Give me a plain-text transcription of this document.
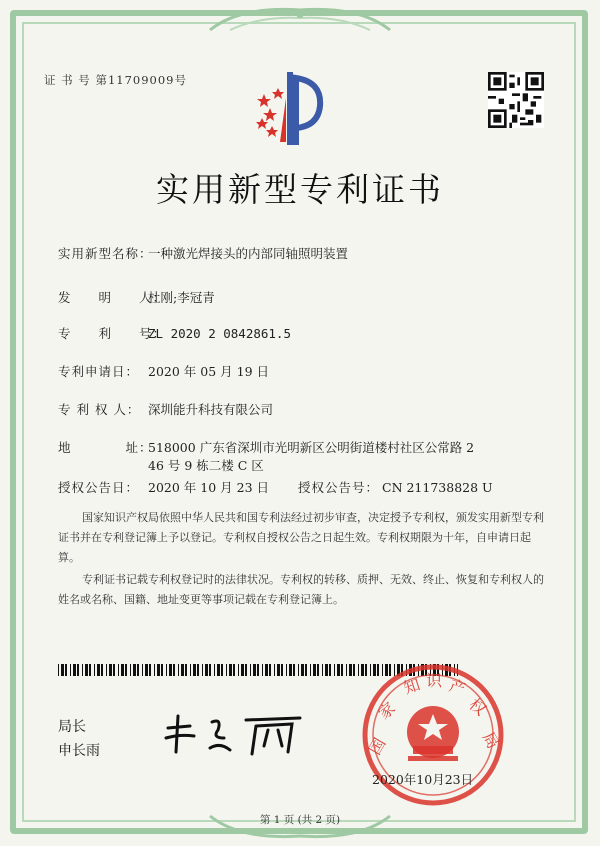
证 书 号 第11709009号
实用新型专利证书
实用新型名称：一种激光焊接头的内部同轴照明装置
发　　明　　人：杜刚;李冠青
专　　利　　号：ZL 2020 2 0842861.5
专利申请日： 2020 年 05 月 19 日
专 利 权 人： 深圳能升科技有限公司
地　　　　址：518000 广东省深圳市光明新区公明街道楼村社区公常路 2
46 号 9 栋二楼 C 区
授权公告日： 2020 年 10 月 23 日 授权公告号： CN 211738828 U
国家知识产权局依照中华人民共和国专利法经过初步审查，决定授予专利权，颁发实用新型专利证书并在专利登记簿上予以登记。专利权自授权公告之日起生效。专利权期限为十年，自申请日起算。
专利证书记载专利权登记时的法律状况。专利权的转移、质押、无效、终止、恢复和专利权人的姓名或名称、国籍、地址变更等事项记载在专利登记簿上。
局长
申长雨	国
家
知 识 产
权
局
2020年10月23日
第 1 页 (共 2 页)
